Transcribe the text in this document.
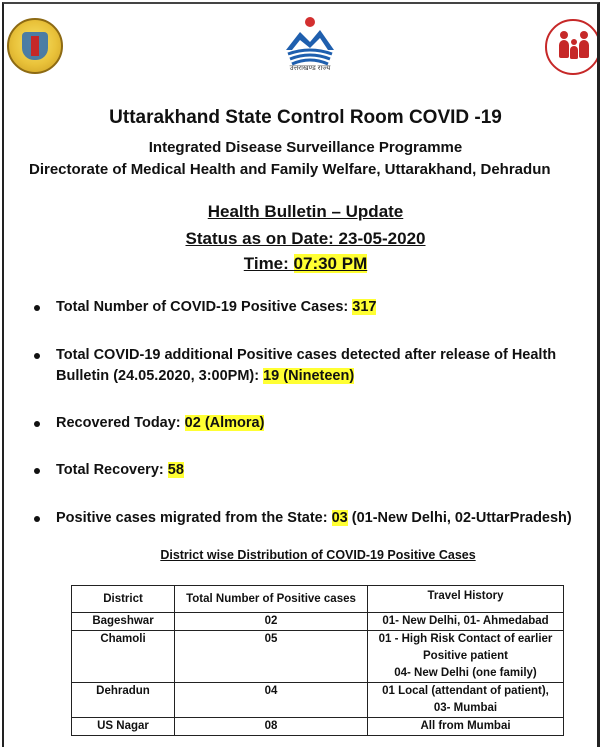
उत्तराखण्ड राज्य
Uttarakhand State Control Room COVID -19
Integrated Disease Surveillance Programme
Directorate of Medical Health and Family Welfare, Uttarakhand, Dehradun
Health Bulletin – Update
Status as on Date: 23-05-2020
Time: 07:30 PM
Total Number of COVID-19 Positive Cases: 317
Total COVID-19 additional Positive cases detected after release of Health
Bulletin (24.05.2020, 3:00PM): 19 (Nineteen)
Recovered Today: 02 (Almora)
Total Recovery: 58
Positive cases migrated from the State: 03 (01-New Delhi, 02-UttarPradesh)
District wise Distribution of COVID-19 Positive Cases
District	Total Number of Positive cases	Travel History
Bageshwar	02	01- New Delhi, 01- Ahmedabad
Chamoli	05	01 - High Risk Contact of earlier
Positive patient
04- New Delhi (one family)
Dehradun	04	01 Local (attendant of patient),
03- Mumbai
US Nagar	08	All from Mumbai
